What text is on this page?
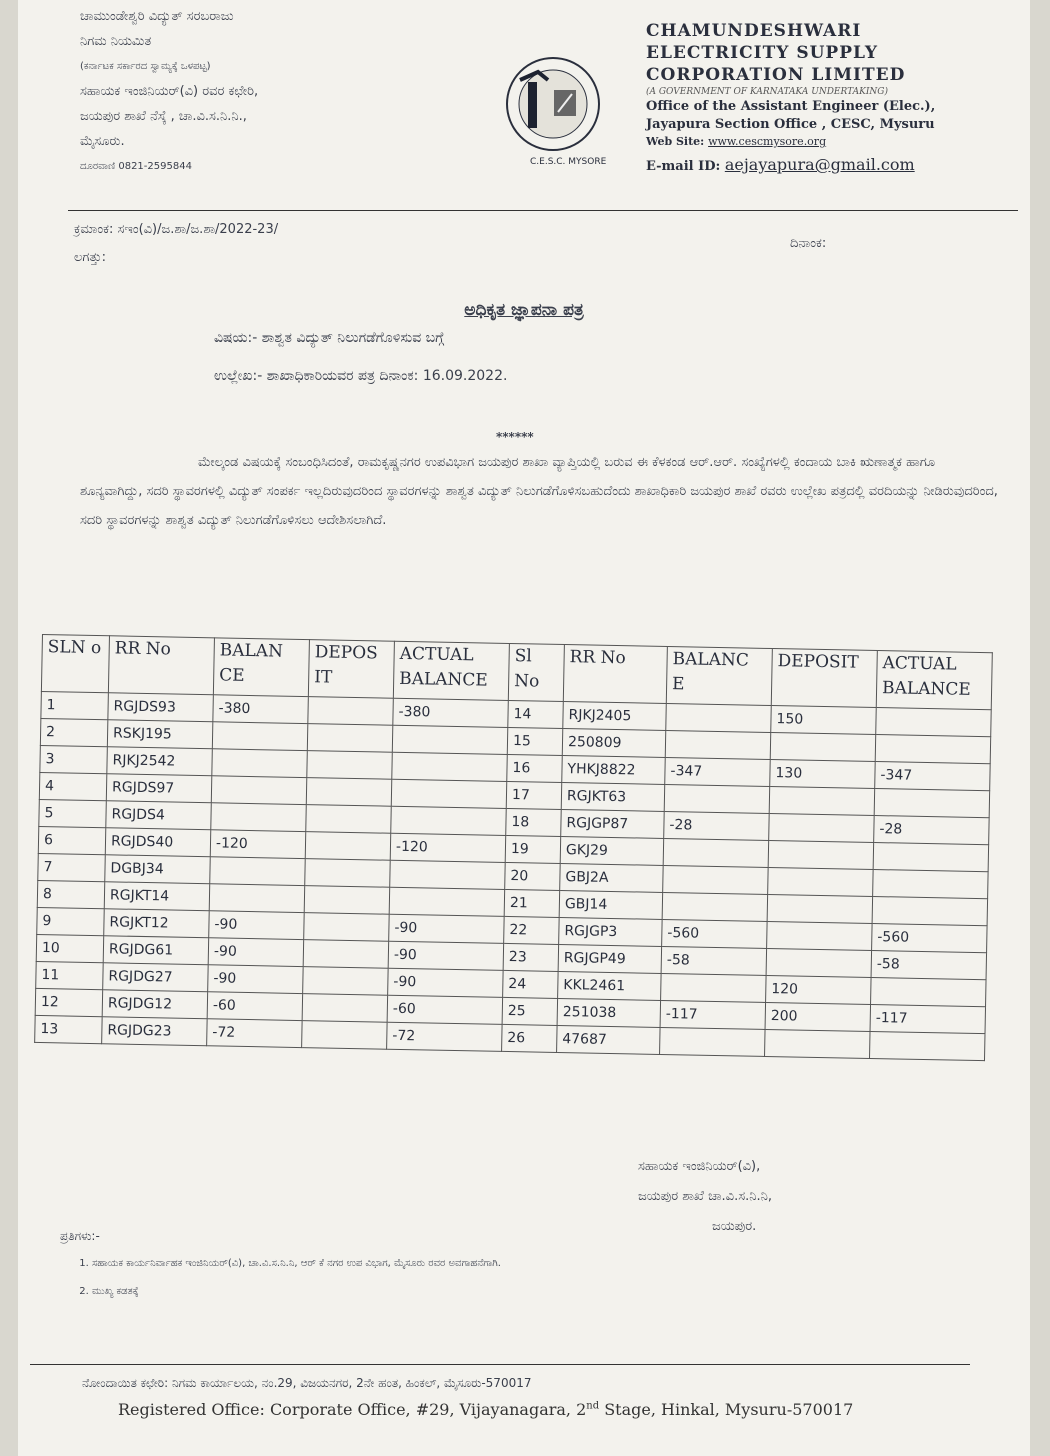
ಚಾಮುಂಡೇಶ್ವರಿ ವಿದ್ಯುತ್ ಸರಬರಾಜು
ನಿಗಮ ನಿಯಮಿತ
(ಕರ್ನಾಟಕ ಸರ್ಕಾರದ ಸ್ವಾಮ್ಯಕ್ಕೆ ಒಳಪಟ್ಟ)
ಸಹಾಯಕ ಇಂಜಿನಿಯರ್(ವಿ) ರವರ ಕಛೇರಿ,
ಜಯಪುರ ಶಾಖೆ ನೆಸ್ಕೆ , ಚಾ.ವಿ.ಸ.ನಿ.ನಿ.,
ಮೈಸೂರು.
ದೂರವಾಣಿ 0821-2595844	C.E.S.C. MYSORE
CHAMUNDESHWARI
ELECTRICITY SUPPLY
CORPORATION LIMITED
(A GOVERNMENT OF KARNATAKA UNDERTAKING)
Office of the Assistant Engineer (Elec.),
Jayapura Section Office , CESC, Mysuru
Web Site: www.cescmysore.org
E-mail ID: aejayapura@gmail.com
ಕ್ರಮಾಂಕ: ಸಇಂ(ವಿ)/ಜ.ಶಾ/ಜ.ಶಾ/2022-23/
ಲಗತ್ತು:
ದಿನಾಂಕ:
ಅಧಿಕೃತ ಜ್ಞಾಪನಾ ಪತ್ರ
ವಿಷಯ:- ಶಾಶ್ವತ ವಿದ್ಯುತ್ ನಿಲುಗಡೆಗೊಳಿಸುವ ಬಗ್ಗೆ
ಉಲ್ಲೇಖ:- ಶಾಖಾಧಿಕಾರಿಯವರ ಪತ್ರ ದಿನಾಂಕ: 16.09.2022.
******
ಮೇಲ್ಕಂಡ ವಿಷಯಕ್ಕೆ ಸಂಬಂಧಿಸಿದಂತೆ, ರಾಮಕೃಷ್ಣನಗರ ಉಪವಿಭಾಗ ಜಯಪುರ ಶಾಖಾ ವ್ಯಾಪ್ತಿಯಲ್ಲಿ ಬರುವ ಈ ಕೆಳಕಂಡ ಆರ್.ಆರ್. ಸಂಖ್ಯೆಗಳಲ್ಲಿ ಕಂದಾಯ ಬಾಕಿ ಋಣಾತ್ಮಕ ಹಾಗೂ ಶೂನ್ಯವಾಗಿದ್ದು, ಸದರಿ ಸ್ಥಾವರಗಳಲ್ಲಿ ವಿದ್ಯುತ್ ಸಂಪರ್ಕ ಇಲ್ಲದಿರುವುದರಿಂದ ಸ್ಥಾವರಗಳನ್ನು ಶಾಶ್ವತ ವಿದ್ಯುತ್ ನಿಲುಗಡೆಗೊಳಿಸಬಹುದೆಂದು ಶಾಖಾಧಿಕಾರಿ ಜಯಪುರ ಶಾಖೆ ರವರು ಉಲ್ಲೇಖ ಪತ್ರದಲ್ಲಿ ವರದಿಯನ್ನು ನೀಡಿರುವುದರಿಂದ, ಸದರಿ ಸ್ಥಾವರಗಳನ್ನು ಶಾಶ್ವತ ವಿದ್ಯುತ್ ನಿಲುಗಡೆಗೊಳಿಸಲು ಆದೇಶಿಸಲಾಗಿದೆ.
SLN o	RR No	BALAN CE	DEPOS IT	ACTUAL BALANCE	Sl No	RR No	BALANC E	DEPOSIT	ACTUAL BALANCE
1	RGJDS93	-380		-380	14	RJKJ2405		150	
2	RSKJ195				15	250809			
3	RJKJ2542				16	YHKJ8822	-347	130	-347
4	RGJDS97				17	RGJKT63			
5	RGJDS4				18	RGJGP87	-28		-28
6	RGJDS40	-120		-120	19	GKJ29			
7	DGBJ34				20	GBJ2A			
8	RGJKT14				21	GBJ14			
9	RGJKT12	-90		-90	22	RGJGP3	-560		-560
10	RGJDG61	-90		-90	23	RGJGP49	-58		-58
11	RGJDG27	-90		-90	24	KKL2461		120	
12	RGJDG12	-60		-60	25	251038	-117	200	-117
13	RGJDG23	-72		-72	26	47687			
ಸಹಾಯಕ ಇಂಜಿನಿಯರ್(ವಿ),
ಜಯಪುರ ಶಾಖೆ ಚಾ.ವಿ.ಸ.ನಿ.ನಿ,
ಜಯಪುರ.
ಪ್ರತಿಗಳು:-
1. ಸಹಾಯಕ ಕಾರ್ಯನಿರ್ವಾಹಕ ಇಂಜಿನಿಯರ್(ವಿ), ಚಾ.ವಿ.ಸ.ನಿ.ನಿ, ಆರ್ ಕೆ ನಗರ ಉಪ ವಿಭಾಗ, ಮೈಸೂರು ರವರ ಅವಗಾಹನೆಗಾಗಿ.
2. ಮುಖ್ಯ ಕಡತಕ್ಕೆ
ನೋಂದಾಯಿತ ಕಛೇರಿ: ನಿಗಮ ಕಾರ್ಯಾಲಯ, ನಂ.29, ವಿಜಯನಗರ, 2ನೇ ಹಂತ, ಹಿಂಕಲ್, ಮೈಸೂರು-570017
Registered Office: Corporate Office, #29, Vijayanagara, 2nd Stage, Hinkal, Mysuru-570017
